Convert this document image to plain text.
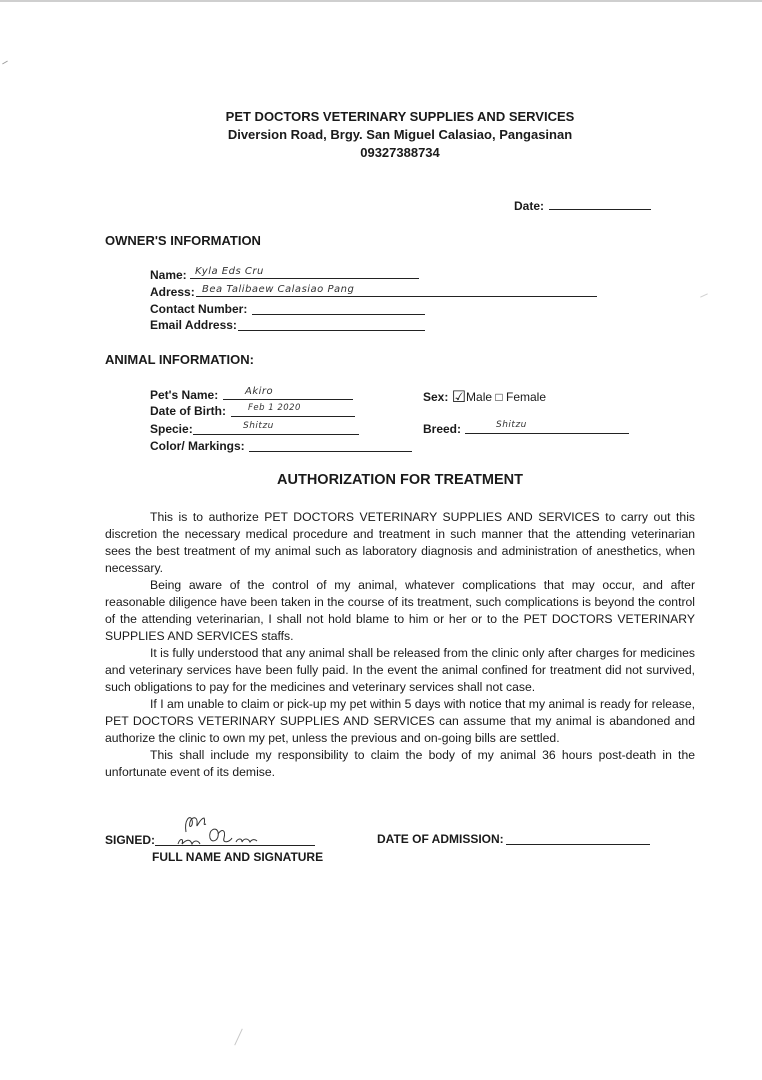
PET DOCTORS VETERINARY SUPPLIES AND SERVICES
Diversion Road, Brgy. San Miguel Calasiao, Pangasinan
09327388734
Date:
OWNER'S INFORMATION
Name: Kyla Eds Cru
Adress: Bea Talibaew Calasiao Pang
Contact Number:
Email Address:
ANIMAL INFORMATION:
Pet's Name:	Akiro
Date of Birth:	Feb 1 2020
Specie:	Shitzu
Color/ Markings:
Sex: ☑Male □ Female
Breed:	Shitzu
AUTHORIZATION FOR TREATMENT

This is to authorize PET DOCTORS VETERINARY SUPPLIES AND SERVICES to carry out this discretion the necessary medical procedure and treatment in such manner that the attending veterinarian sees the best treatment of my animal such as laboratory diagnosis and administration of anesthetics, when necessary.

Being aware of the control of my animal, whatever complications that may occur, and after reasonable diligence have been taken in the course of its treatment, such complications is beyond the control of the attending veterinarian, I shall not hold blame to him or her or to the PET DOCTORS VETERINARY SUPPLIES AND SERVICES staffs.

It is fully understood that any animal shall be released from the clinic only after charges for medicines and veterinary services have been fully paid. In the event the animal confined for treatment did not survived, such obligations to pay for the medicines and veterinary services shall not case.

If I am unable to claim or pick-up my pet within 5 days with notice that my animal is ready for release, PET DOCTORS VETERINARY SUPPLIES AND SERVICES can assume that my animal is abandoned and authorize the clinic to own my pet, unless the previous and on-going bills are settled.

This shall include my responsibility to claim the body of my animal 36 hours post-death in the unfortunate event of its demise.

SIGNED:
FULL NAME AND SIGNATURE
DATE OF ADMISSION:
